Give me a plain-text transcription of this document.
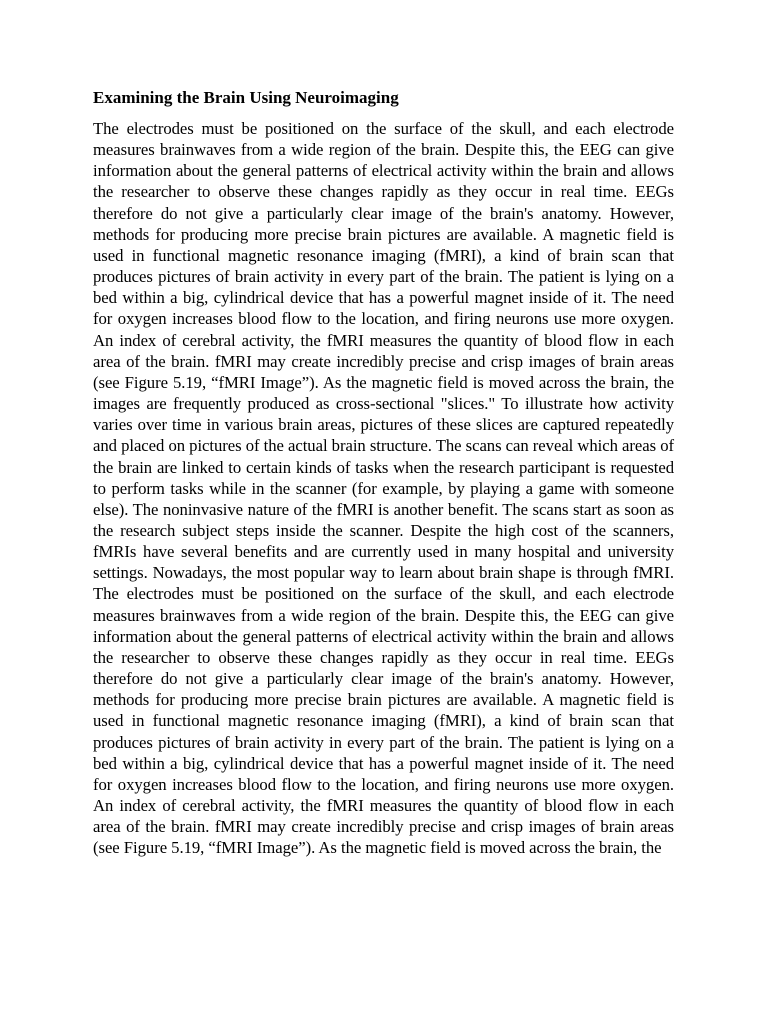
Examining the Brain Using Neuroimaging

The electrodes must be positioned on the surface of the skull, and each electrode measures brainwaves from a wide region of the brain. Despite this, the EEG can give information about the general patterns of electrical activity within the brain and allows the researcher to observe these changes rapidly as they occur in real time. EEGs therefore do not give a particularly clear image of the brain's anatomy. However, methods for producing more precise brain pictures are available. A magnetic field is used in functional magnetic resonance imaging (fMRI), a kind of brain scan that produces pictures of brain activity in every part of the brain. The patient is lying on a bed within a big, cylindrical device that has a powerful magnet inside of it. The need for oxygen increases blood flow to the location, and firing neurons use more oxygen. An index of cerebral activity, the fMRI measures the quantity of blood flow in each area of the brain. fMRI may create incredibly precise and crisp images of brain areas (see Figure 5.19, “fMRI Image”). As the magnetic field is moved across the brain, the images are frequently produced as cross-sectional "slices." To illustrate how activity varies over time in various brain areas, pictures of these slices are captured repeatedly and placed on pictures of the actual brain structure. The scans can reveal which areas of the brain are linked to certain kinds of tasks when the research participant is requested to perform tasks while in the scanner (for example, by playing a game with someone else). The noninvasive nature of the fMRI is another benefit. The scans start as soon as the research subject steps inside the scanner. Despite the high cost of the scanners, fMRIs have several benefits and are currently used in many hospital and university settings. Nowadays, the most popular way to learn about brain shape is through fMRI. The electrodes must be positioned on the surface of the skull, and each electrode measures brainwaves from a wide region of the brain. Despite this, the EEG can give information about the general patterns of electrical activity within the brain and allows the researcher to observe these changes rapidly as they occur in real time. EEGs therefore do not give a particularly clear image of the brain's anatomy. However, methods for producing more precise brain pictures are available. A magnetic field is used in functional magnetic resonance imaging (fMRI), a kind of brain scan that produces pictures of brain activity in every part of the brain. The patient is lying on a bed within a big, cylindrical device that has a powerful magnet inside of it. The need for oxygen increases blood flow to the location, and firing neurons use more oxygen. An index of cerebral activity, the fMRI measures the quantity of blood flow in each area of the brain. fMRI may create incredibly precise and crisp images of brain areas (see Figure 5.19, “fMRI Image”). As the magnetic field is moved across the brain, the
